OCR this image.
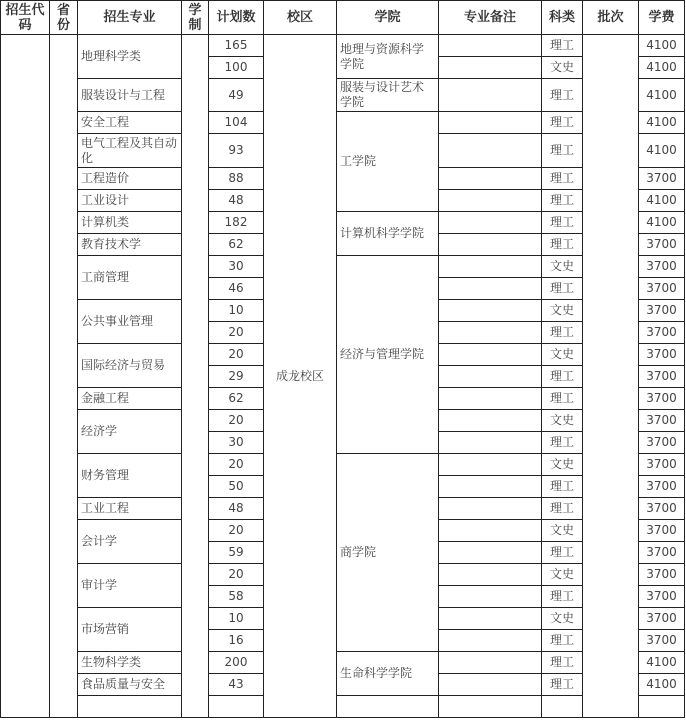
招生代码	省份	招生专业	学制	计划数	校区	学院	专业备注	科类	批次	学费
		地理科学类		165	成龙校区	地理与资源科学学院		理工		4100
				100				文史		4100
		服装设计与工程		49		服装与设计艺术学院		理工		4100
		安全工程		104		工学院		理工		4100
		电气工程及其自动化		93				理工		4100
		工程造价		88				理工		3700
		工业设计		48				理工		4100
		计算机类		182		计算机科学学院		理工		4100
		教育技术学		62				理工		3700
		工商管理		30		经济与管理学院		文史		3700
				46				理工		3700
		公共事业管理		10				文史		3700
				20				理工		3700
		国际经济与贸易		20				文史		3700
				29				理工		3700
		金融工程		62				理工		3700
		经济学		20				文史		3700
				30				理工		3700
		财务管理		20		商学院		文史		3700
				50				理工		3700
		工业工程		48				理工		3700
		会计学		20				文史		3700
				59				理工		3700
		审计学		20				文史		3700
				58				理工		3700
		市场营销		10				文史		3700
				16				理工		3700
		生物科学类		200		生命科学学院		理工		4100
		食品质量与安全		43				理工		4100
